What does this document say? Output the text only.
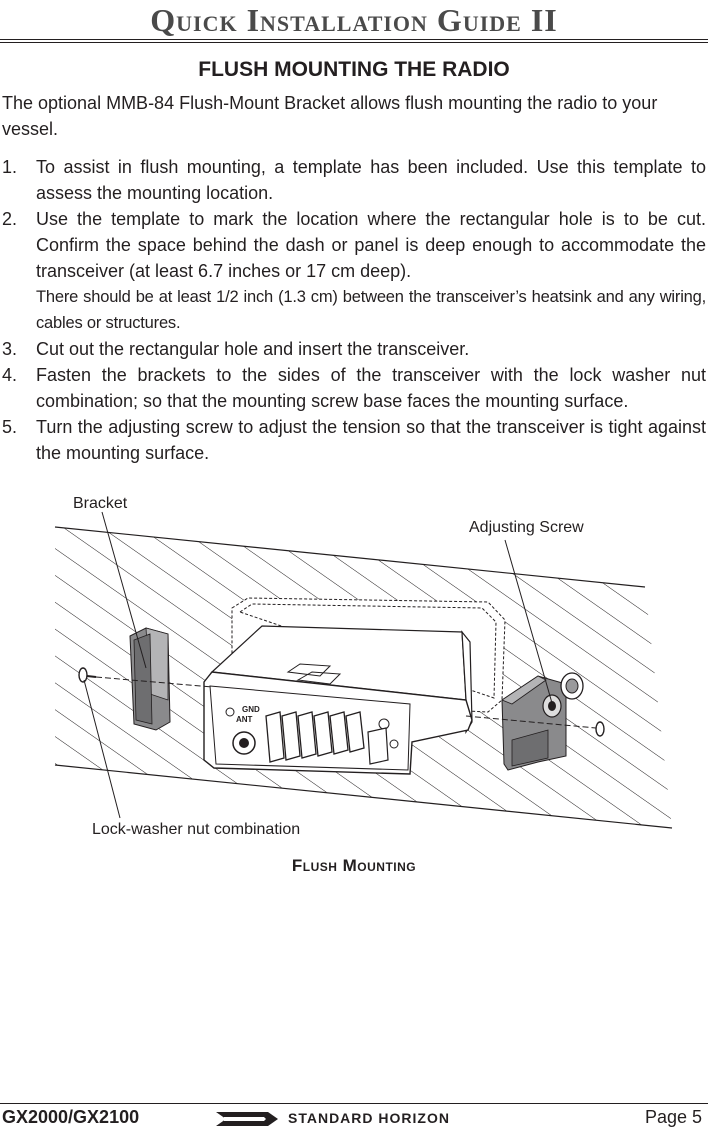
Quick Installation Guide II
FLUSH MOUNTING THE RADIO
The optional MMB-84 Flush-Mount Bracket allows flush mounting the radio to your vessel.
1. To assist in flush mounting, a template has been included. Use this template to assess the mounting location.
2. Use the template to mark the location where the rectangular hole is to be cut. Confirm the space behind the dash or panel is deep enough to accommodate the transceiver (at least 6.7 inches or 17 cm deep).
There should be at least 1/2 inch (1.3 cm) between the transceiver’s heatsink and any wiring, cables or structures.
3. Cut out the rectangular hole and insert the transceiver.
4. Fasten the brackets to the sides of the transceiver with the lock washer nut combination; so that the mounting screw base faces the mounting surface.
5. Turn the adjusting screw to adjust the tension so that the transceiver is tight against the mounting surface.
GND
ANT
Bracket
Adjusting Screw
Lock-washer nut combination
Flush Mounting
GX2000/GX2100	STANDARD HORIZON	Page 5
